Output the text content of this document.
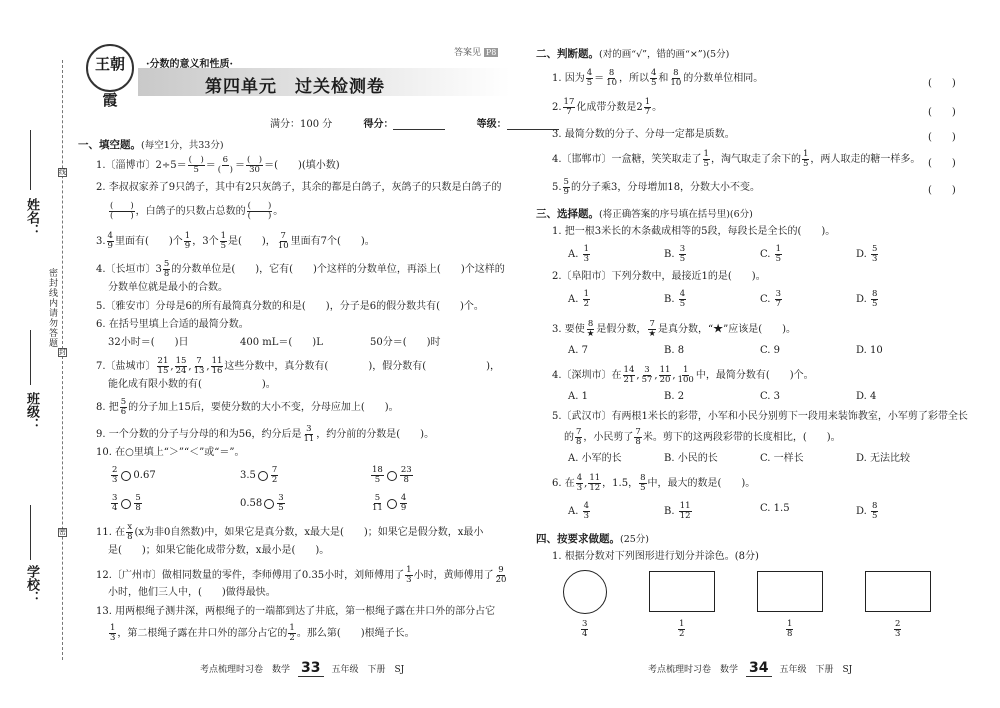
姓名：
班级：
学校：
密封线内请勿答题
线
封
密
王朝霞
·分数的意义和性质·
第四单元　过关检测卷
答案见 P8
满分：100 分	得分：	等级：
一、填空题。(每空1分，共33分)
1.〔淄博市〕2÷5＝ (　)
5 ＝ 6
(　) ＝ (　)
30 ＝(　　)(填小数)
2. 李叔叔家养了9只鸽子，其中有2只灰鸽子，其余的都是白鸽子，灰鸽子的只数是白鸽子的
(　　)
(　　) ，白鸽子的只数占总数的 (　　)
(　　) 。
3. $\frac{4}{9}$ 里面有(　　)个 $\frac{1}{9}$ ，3个 $\frac{1}{5}$ 是(　　)， $\frac{7}{10}$ 里面有7个(　　)。
4.〔长垣市〕$3 \frac{5}{8}$ 的分数单位是(　　)，它有(　　)个这样的分数单位，再添上(　　)个这样的
分数单位就是最小的合数。
5.〔雅安市〕分母是6的所有最简真分数的和是(　　)，分子是6的假分数共有(　　)个。
6. 在括号里填上合适的最简分数。
32小时＝(　　)日	400 mL＝(　　)L	50分＝(　　)时
7.〔盐城市〕 $\frac{21}{15}$ , $\frac{15}{24}$ , $\frac{7}{13}$ , $\frac{11}{16}$ 这些分数中，真分数有(　　　　)，假分数有(　　　　　　)，
能化成有限小数的有(　　　　　　)。
8. 把 $\frac{5}{6}$ 的分子加上15后，要使分数的大小不变，分母应加上(　　)。
9. 一个分数的分子与分母的和为56，约分后是 $\frac{3}{11}$ ，约分前的分数是(　　)。
10. 在○里填上“＞”“＜”或“＝”。
$\frac{2}{3} 0.67$	$3.5 \frac{7}{2}$	$\frac{18}{5} \frac{23}{8}$
$\frac{3}{4} \frac{5}{8}$	$0.58 \frac{3}{5}$	$\frac{5}{11} \frac{4}{9}$
11. 在 $\frac{x}{8} (x$为非0自然数)中，如果它是真分数，x最大是(　　)；如果它是假分数，x最小
是(　　)；如果它能化成带分数，x最小是(　　)。
12.〔广州市〕做相同数量的零件，李师傅用了0.35小时，刘师傅用了 $\frac{1}{3}$ 小时，黄师傅用了 $\frac{9}{20}$
小时，他们三人中，(　　)做得最快。
13. 用两根绳子测井深，两根绳子的一端都到达了井底，第一根绳子露在井口外的部分占它
$\frac{1}{3}$ ，第二根绳子露在井口外的部分占它的 $\frac{1}{2}$ 。那么第(　　)根绳子长。
考点梳理时习卷　数学 33 五年级　下册　SJ
二、判断题。(对的画“√”，错的画“×”)(5分)
1. 因为 $\frac{4}{5} = \frac{8}{10}$ ，所以 $\frac{4}{5}$ 和 $\frac{8}{10}$ 的分数单位相同。	(　　)
2. $\frac{17}{7}$ 化成带分数是$2 \frac{1}{7}$ 。	(　　)
3. 最简分数的分子、分母一定都是质数。	(　　)
4.〔邯郸市〕一盒糖，笑笑取走了 $\frac{1}{5}$ ，淘气取走了余下的 $\frac{1}{5}$ ，两人取走的糖一样多。 (　　)
5. $\frac{5}{9}$ 的分子乘3，分母增加18，分数大小不变。	(　　)
三、选择题。(将正确答案的序号填在括号里)(6分)
1. 把一根3米长的木条截成相等的5段，每段长是全长的(　　)。
A. $\frac{1}{3}$	B. $\frac{3}{5}$	C. $\frac{1}{5}$	D. $\frac{5}{3}$
2.〔阜阳市〕下列分数中，最接近1的是(　　)。
A. $\frac{1}{2}$	B. $\frac{4}{5}$	C. $\frac{3}{7}$	D. $\frac{8}{5}$
3. 要使 8
★ 是假分数， 7
★ 是真分数，“★”应该是(　　)。
A. 7	B. 8	C. 9	D. 10
4.〔深圳市〕在 $\frac{14}{21}$ , $\frac{3}{57}$ , $\frac{11}{20}$ , $\frac{1}{100}$ 中，最简分数有(　　)个。
A. 1	B. 2	C. 3	D. 4
5.〔武汉市〕有两根1米长的彩带，小军和小民分别剪下一段用来装饰教室，小军剪了彩带全长
的 $\frac{7}{8}$ ，小民剪了 $\frac{7}{8}$ 米。剪下的这两段彩带的长度相比，(　　)。
A. 小军的长	B. 小民的长	C. 一样长	D. 无法比较
6. 在 $\frac{4}{3}$ , $\frac{11}{12}$ ，1.5， $\frac{8}{5}$ 中，最大的数是(　　)。
A. $\frac{4}{3}$	B. $\frac{11}{12}$	C. 1.5	D. $\frac{8}{5}$
四、按要求做题。(25分)
1. 根据分数对下列图形进行划分并涂色。(8分)
$\frac{3}{4}$	$\frac{1}{2}$	$\frac{1}{8}$	$\frac{2}{3}$
考点梳理时习卷　数学 34 五年级　下册　SJ
